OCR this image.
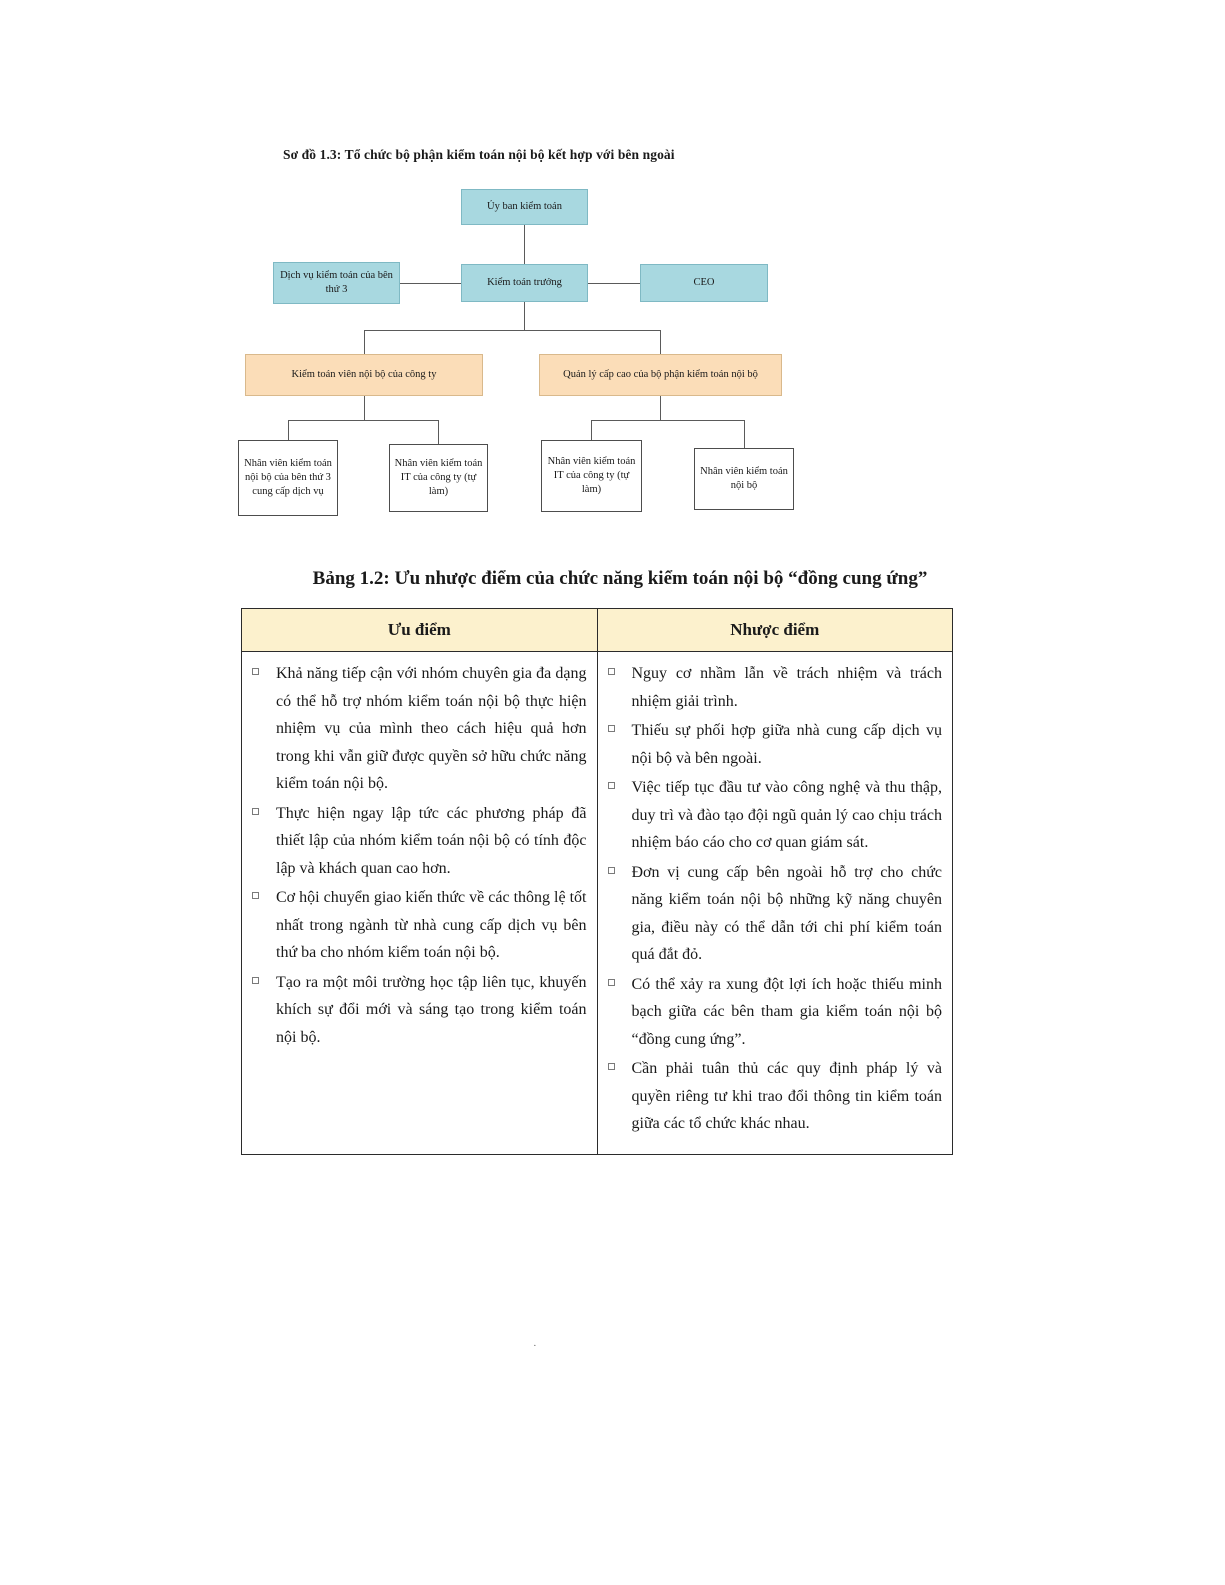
Sơ đồ 1.3: Tổ chức bộ phận kiểm toán nội bộ kết hợp với bên ngoài
Ủy ban kiểm toán
Dịch vụ kiểm toán của bên thứ 3
Kiểm toán trưởng	CEO
Kiểm toán viên nội bộ của công ty	Quản lý cấp cao của bộ phận kiểm toán nội bộ
Nhân viên kiểm toán nội bộ của bên thứ 3 cung cấp dịch vụ
Nhân viên kiểm toán IT của công ty (tự làm)
Nhân viên kiểm toán IT của công ty (tự làm)
Nhân viên kiểm toán nội bộ
Bảng 1.2: Ưu nhược điểm của chức năng kiểm toán nội bộ “đồng cung ứng”
Ưu điểm	Nhược điểm

Khả năng tiếp cận với nhóm chuyên gia đa dạng có thể hỗ trợ nhóm kiểm toán nội bộ thực hiện nhiệm vụ của mình theo cách hiệu quả hơn trong khi vẫn giữ được quyền sở hữu chức năng kiểm toán nội bộ.
Thực hiện ngay lập tức các phương pháp đã thiết lập của nhóm kiểm toán nội bộ có tính độc lập và khách quan cao hơn.
Cơ hội chuyển giao kiến thức về các thông lệ tốt nhất trong ngành từ nhà cung cấp dịch vụ bên thứ ba cho nhóm kiểm toán nội bộ.
Tạo ra một môi trường học tập liên tục, khuyến khích sự đổi mới và sáng tạo trong kiểm toán nội bộ.

Nguy cơ nhầm lẫn về trách nhiệm và trách nhiệm giải trình.
Thiếu sự phối hợp giữa nhà cung cấp dịch vụ nội bộ và bên ngoài.
Việc tiếp tục đầu tư vào công nghệ và thu thập, duy trì và đào tạo đội ngũ quản lý cao chịu trách nhiệm báo cáo cho cơ quan giám sát.
Đơn vị cung cấp bên ngoài hỗ trợ cho chức năng kiểm toán nội bộ những kỹ năng chuyên gia, điều này có thể dẫn tới chi phí kiểm toán quá đắt đỏ.
Có thể xảy ra xung đột lợi ích hoặc thiếu minh bạch giữa các bên tham gia kiểm toán nội bộ “đồng cung ứng”.
Cần phải tuân thủ các quy định pháp lý và quyền riêng tư khi trao đổi thông tin kiểm toán giữa các tổ chức khác nhau.
·
